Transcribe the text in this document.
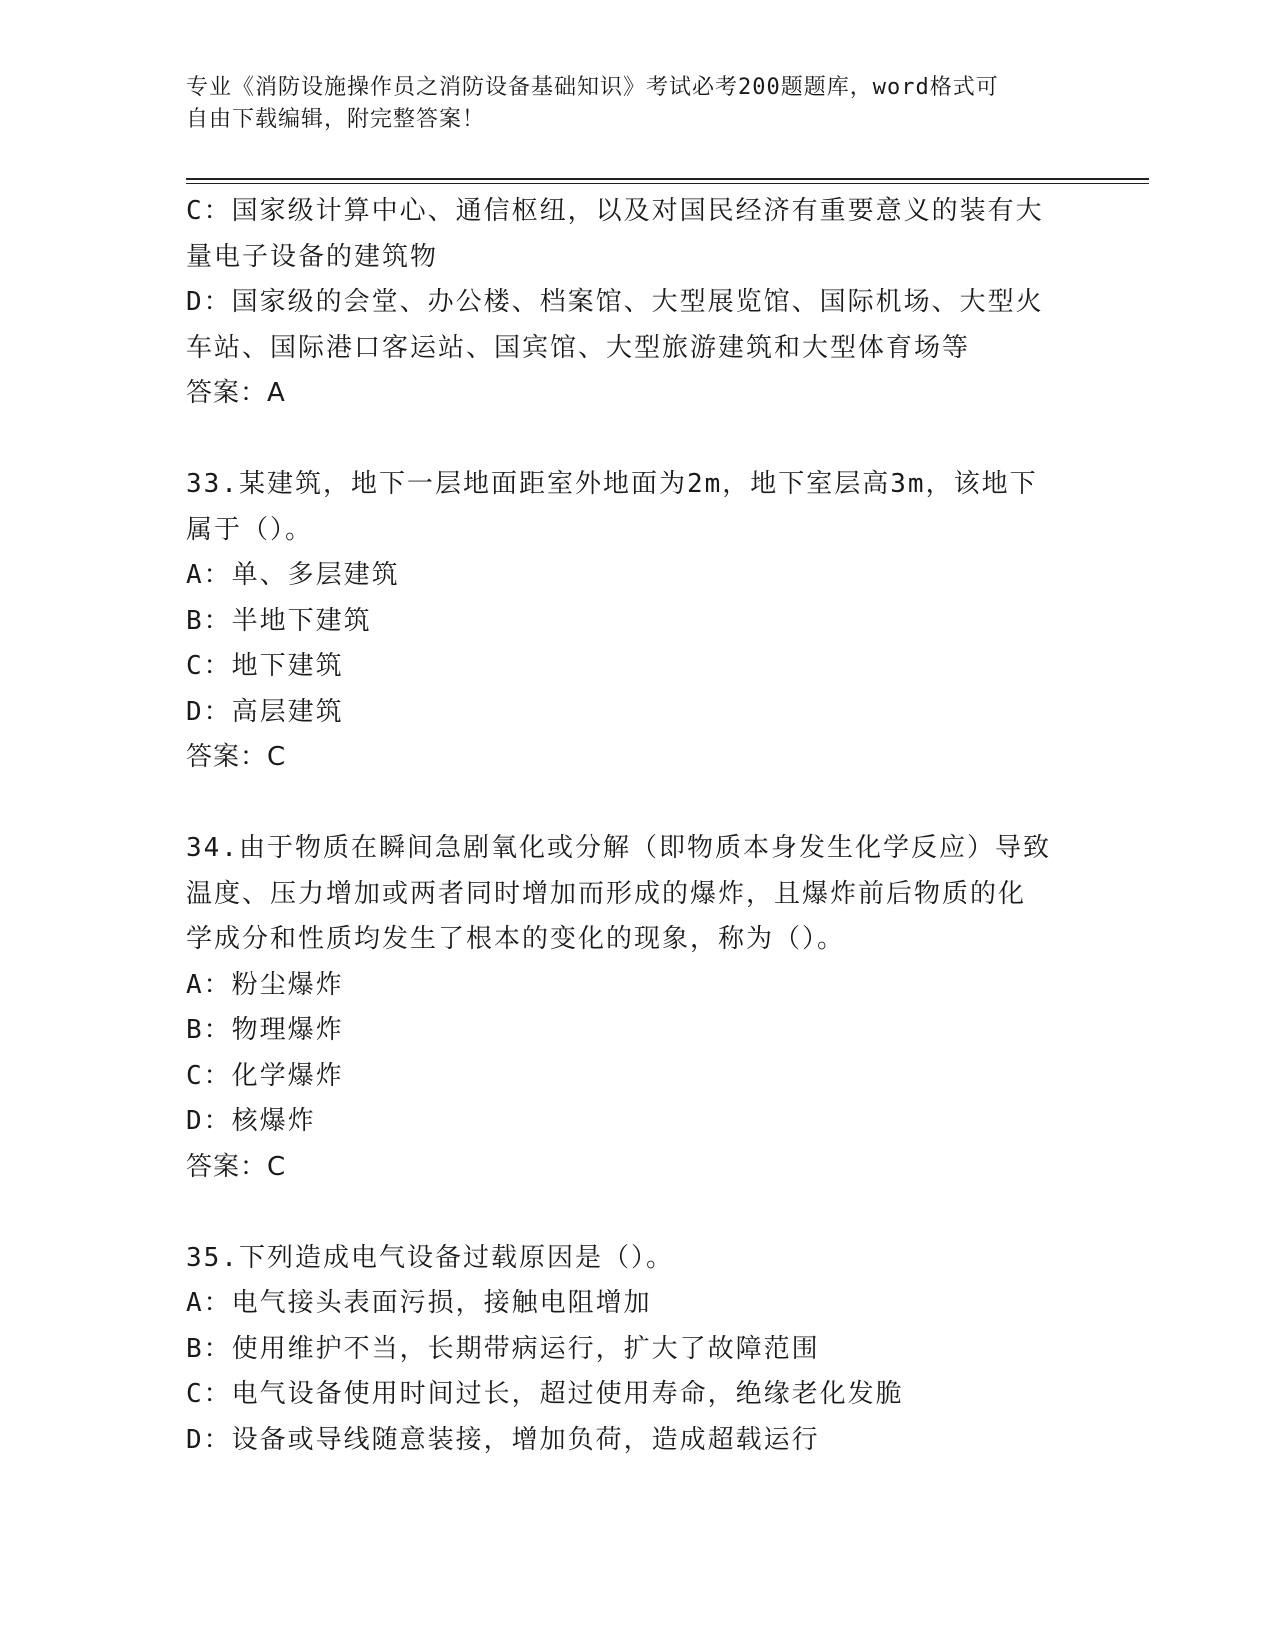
专业《消防设施操作员之消防设备基础知识》考试必考200题题库，word格式可
自由下载编辑，附完整答案！
C：国家级计算中心、通信枢纽，以及对国民经济有重要意义的装有大
量电子设备的建筑物
D：国家级的会堂、办公楼、档案馆、大型展览馆、国际机场、大型火
车站、国际港口客运站、国宾馆、大型旅游建筑和大型体育场等
答案：A
33.某建筑，地下一层地面距室外地面为2m，地下室层高3m，该地下
属于（）。
A：单、多层建筑
B：半地下建筑
C：地下建筑
D：高层建筑
答案：C
34.由于物质在瞬间急剧氧化或分解（即物质本身发生化学反应）导致
温度、压力增加或两者同时增加而形成的爆炸，且爆炸前后物质的化
学成分和性质均发生了根本的变化的现象，称为（）。
A：粉尘爆炸
B：物理爆炸
C：化学爆炸
D：核爆炸
答案：C
35.下列造成电气设备过载原因是（）。
A：电气接头表面污损，接触电阻增加
B：使用维护不当，长期带病运行，扩大了故障范围
C：电气设备使用时间过长，超过使用寿命，绝缘老化发脆
D：设备或导线随意装接，增加负荷，造成超载运行
